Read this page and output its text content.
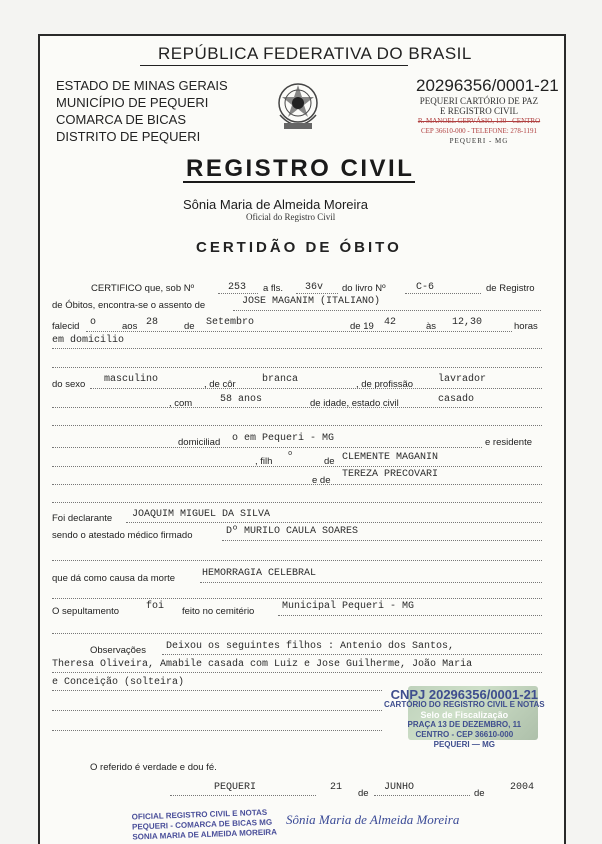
REPÚBLICA FEDERATIVA DO BRASIL
ESTADO DE MINAS GERAIS
MUNICÍPIO DE PEQUERI
COMARCA DE BICAS
DISTRITO DE PEQUERI
20296356/0001-21
PEQUERI CARTÓRIO DE PAZ
E REGISTRO CIVIL
R. MANOEL GERVÁSIO, 130 - CENTRO
CEP 36610-000 - TELEFONE: 278-1191
PEQUERI - MG
REGISTRO CIVIL
Sônia Maria de Almeida Moreira
Oficial do Registro Civil
CERTIDÃO DE ÓBITO
CERTIFICO que, sob Nº	253 a fls. 36v do livro Nº	C-6	de Registro
de Óbitos, encontra-se o assento de	JOSE MAGANIM (ITALIANO)
falecid o	aos 28	de Setembro	de 19 42	às 12,30	horas
em domicilio
do sexo masculino	, de côr	branca	, de profissão lavrador
, com	58 anos	de idade, estado civil	casado
domiciliad o em Pequeri - MG	e residente
, filh
o
de CLEMENTE MAGANIN
e de
TEREZA PRECOVARI
Foi declarante JOAQUIM MIGUEL DA SILVA
sendo o atestado médico firmado	Dº MURILO CAULA SOARES
que dá como causa da morte	HEMORRAGIA CELEBRAL
O sepultamento	foi feito no cemitério	Municipal Pequeri - MG
Observações Deixou os seguintes filhos : Antenio dos Santos,
Theresa Oliveira, Amabile casada com Luiz e Jose Guilherme, João Maria
e Conceição (solteira)
CNPJ 20296356/0001-21
CARTÓRIO DO REGISTRO CIVIL E NOTAS
Selo de Fiscalização
PRAÇA 13 DE DEZEMBRO, 11
CENTRO - CEP 36610-000
PEQUERI — MG
O referido é verdade e dou fé.
PEQUERI	21
de
JUNHO
de
2004
OFICIAL REGISTRO CIVIL E NOTAS
PEQUERI - COMARCA DE BICAS MG
SONIA MARIA DE ALMEIDA MOREIRA
Sônia Maria de Almeida Moreira
